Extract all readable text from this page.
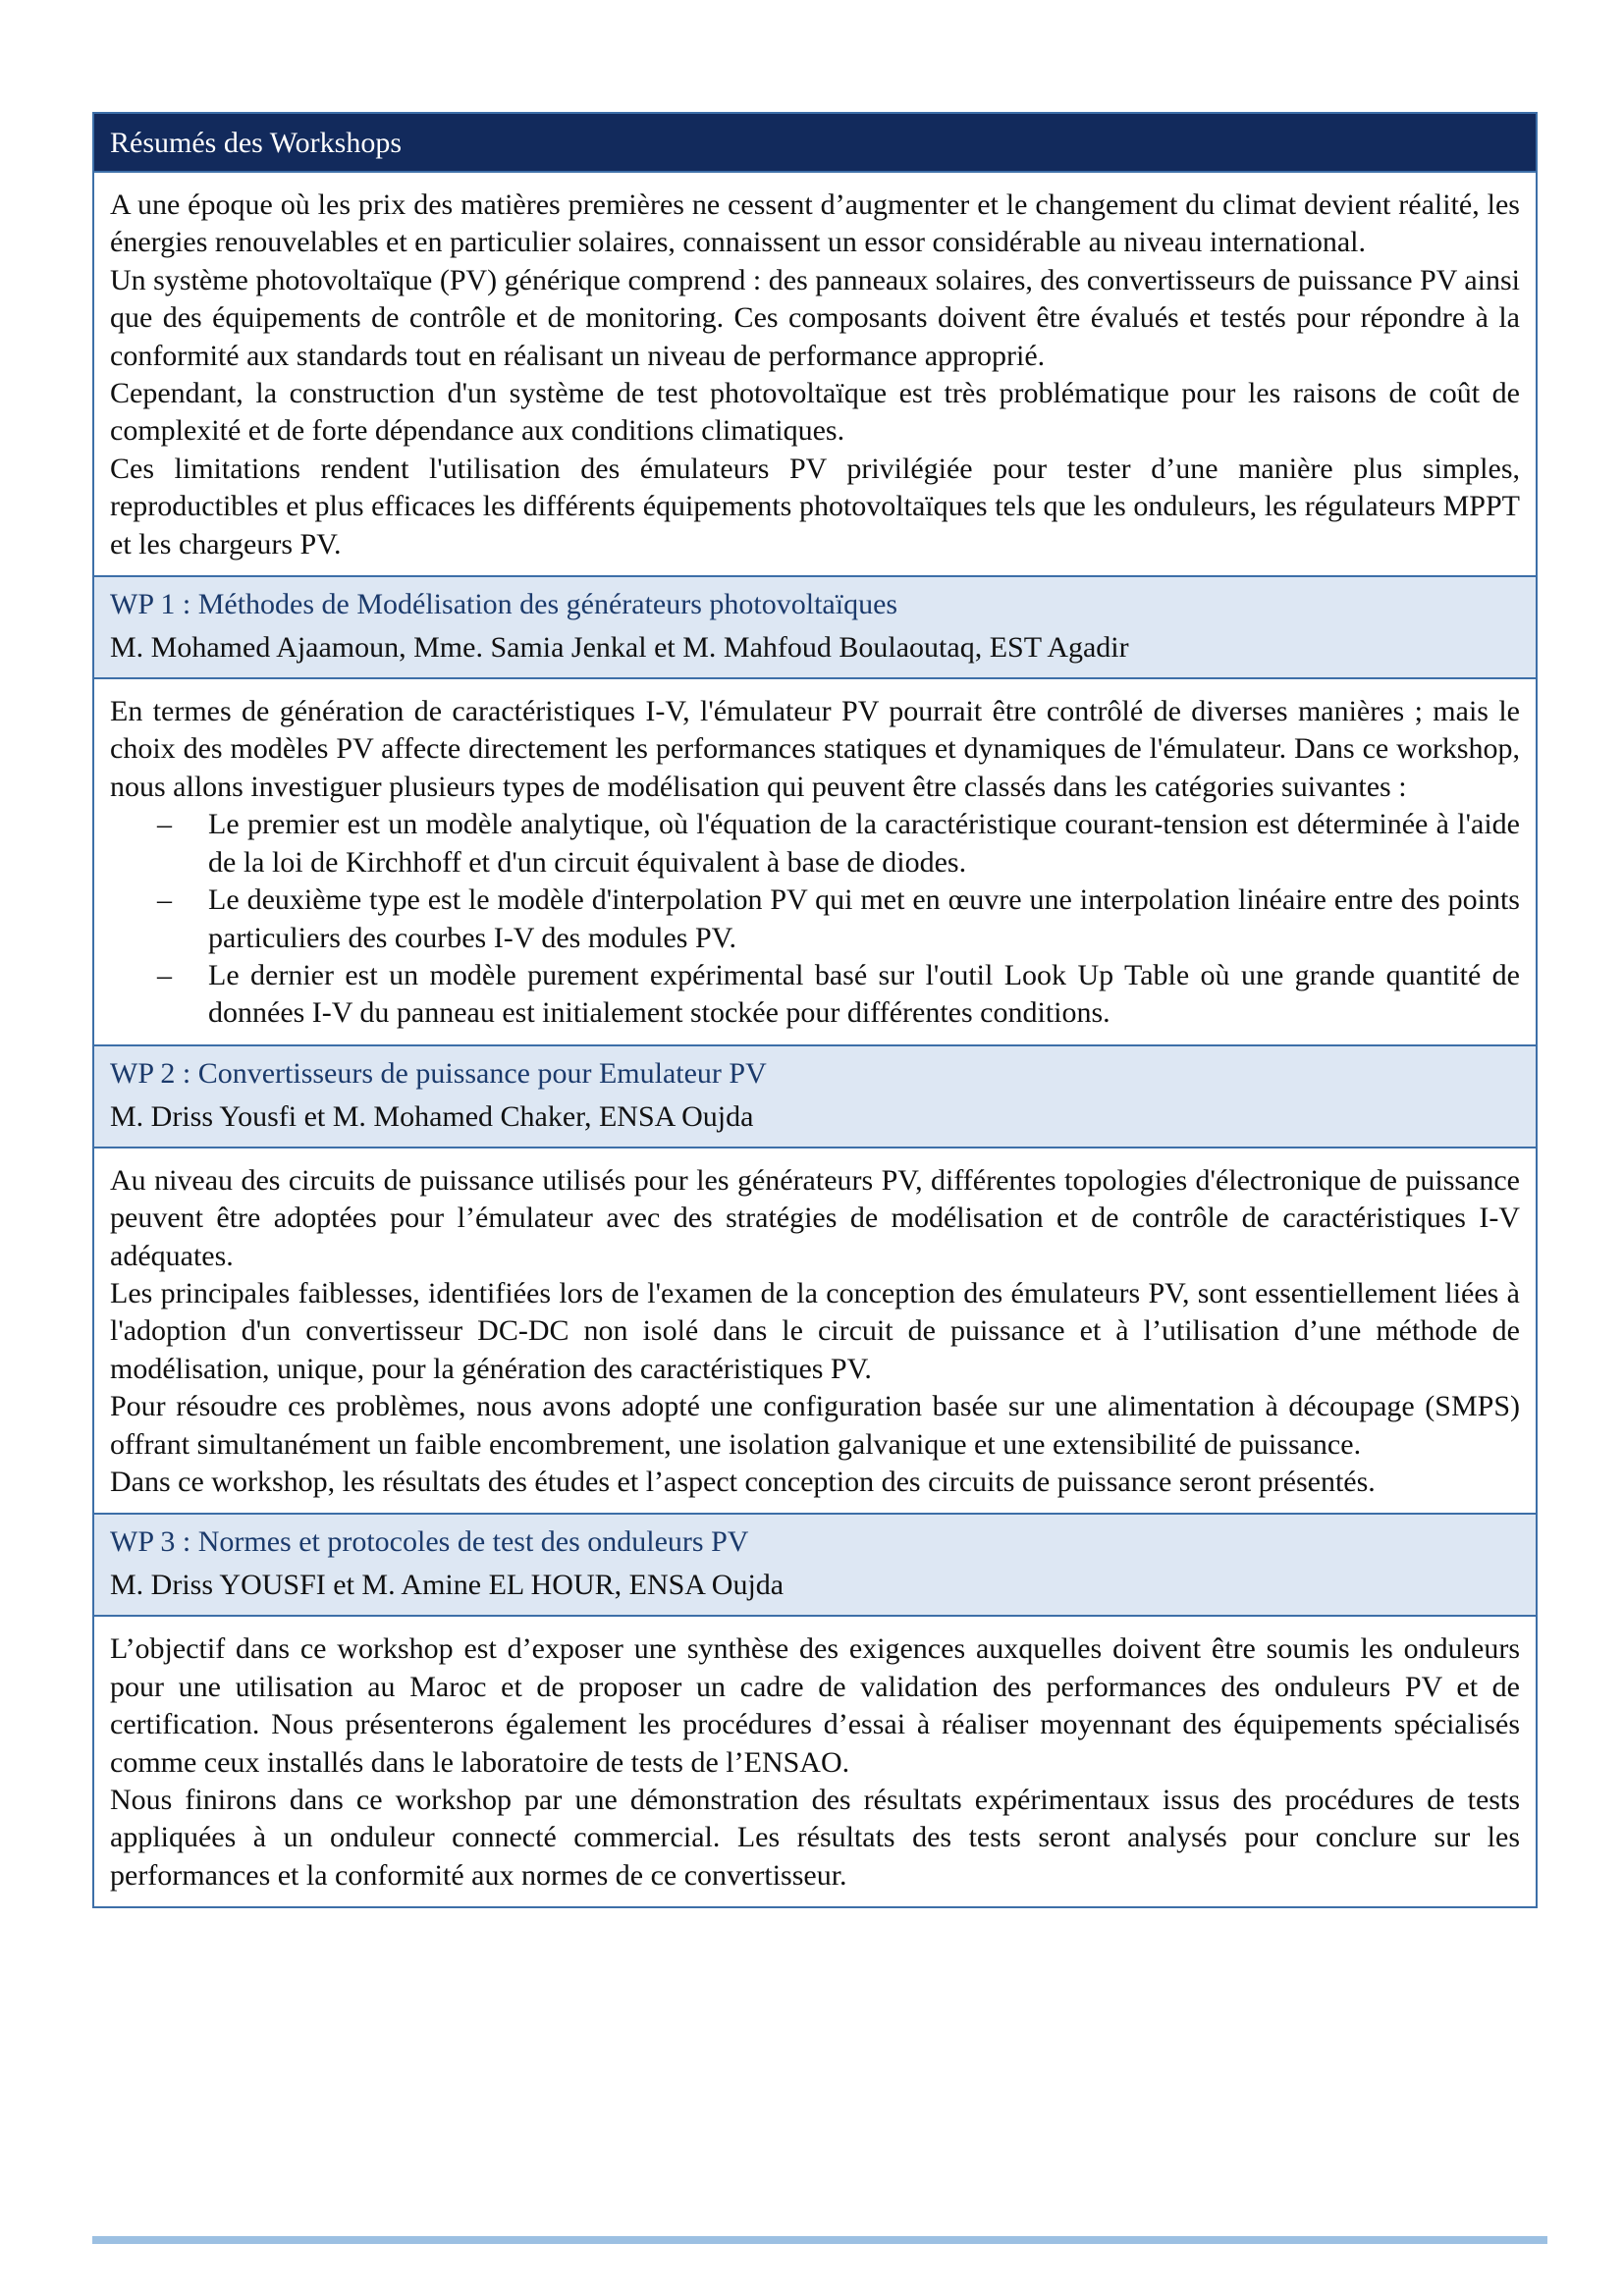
Résumés des Workshops

A une époque où les prix des matières premières ne cessent d’augmenter et le changement du climat devient réalité, les énergies renouvelables et en particulier solaires, connaissent un essor considérable au niveau international.

Un système photovoltaïque (PV) générique comprend : des panneaux solaires, des convertisseurs de puissance PV ainsi que des équipements de contrôle et de monitoring. Ces composants doivent être évalués et testés pour répondre à la conformité aux standards tout en réalisant un niveau de performance approprié.

Cependant, la construction d'un système de test photovoltaïque est très problématique pour les raisons de coût de complexité et de forte dépendance aux conditions climatiques.

Ces limitations rendent l'utilisation des émulateurs PV privilégiée pour tester d’une manière plus simples, reproductibles et plus efficaces les différents équipements photovoltaïques tels que les onduleurs, les régulateurs MPPT et les chargeurs PV.

WP 1 : Méthodes de Modélisation des générateurs photovoltaïques
M. Mohamed Ajaamoun, Mme. Samia Jenkal et M. Mahfoud Boulaoutaq, EST Agadir

En termes de génération de caractéristiques I-V, l'émulateur PV pourrait être contrôlé de diverses manières ; mais le choix des modèles PV affecte directement les performances statiques et dynamiques de l'émulateur. Dans ce workshop, nous allons investiguer plusieurs types de modélisation qui peuvent être classés dans les catégories suivantes :

– Le premier est un modèle analytique, où l'équation de la caractéristique courant-tension est déterminée à l'aide de la loi de Kirchhoff et d'un circuit équivalent à base de diodes.
– Le deuxième type est le modèle d'interpolation PV qui met en œuvre une interpolation linéaire entre des points particuliers des courbes I-V des modules PV.
– Le dernier est un modèle purement expérimental basé sur l'outil Look Up Table où une grande quantité de données I-V du panneau est initialement stockée pour différentes conditions.
WP 2 : Convertisseurs de puissance pour Emulateur PV
M. Driss Yousfi et M. Mohamed Chaker, ENSA Oujda

Au niveau des circuits de puissance utilisés pour les générateurs PV, différentes topologies d'électronique de puissance peuvent être adoptées pour l’émulateur avec des stratégies de modélisation et de contrôle de caractéristiques I-V adéquates.

Les principales faiblesses, identifiées lors de l'examen de la conception des émulateurs PV, sont essentiellement liées à l'adoption d'un convertisseur DC-DC non isolé dans le circuit de puissance et à l’utilisation d’une méthode de modélisation, unique, pour la génération des caractéristiques PV.

Pour résoudre ces problèmes, nous avons adopté une configuration basée sur une alimentation à découpage (SMPS) offrant simultanément un faible encombrement, une isolation galvanique et une extensibilité de puissance.

Dans ce workshop, les résultats des études et l’aspect conception des circuits de puissance seront présentés.

WP 3 : Normes et protocoles de test des onduleurs PV
M. Driss YOUSFI et M. Amine EL HOUR, ENSA Oujda

L’objectif dans ce workshop est d’exposer une synthèse des exigences auxquelles doivent être soumis les onduleurs pour une utilisation au Maroc et de proposer un cadre de validation des performances des onduleurs PV et de certification. Nous présenterons également les procédures d’essai à réaliser moyennant des équipements spécialisés comme ceux installés dans le laboratoire de tests de l’ENSAO.

Nous finirons dans ce workshop par une démonstration des résultats expérimentaux issus des procédures de tests appliquées à un onduleur connecté commercial. Les résultats des tests seront analysés pour conclure sur les performances et la conformité aux normes de ce convertisseur.
